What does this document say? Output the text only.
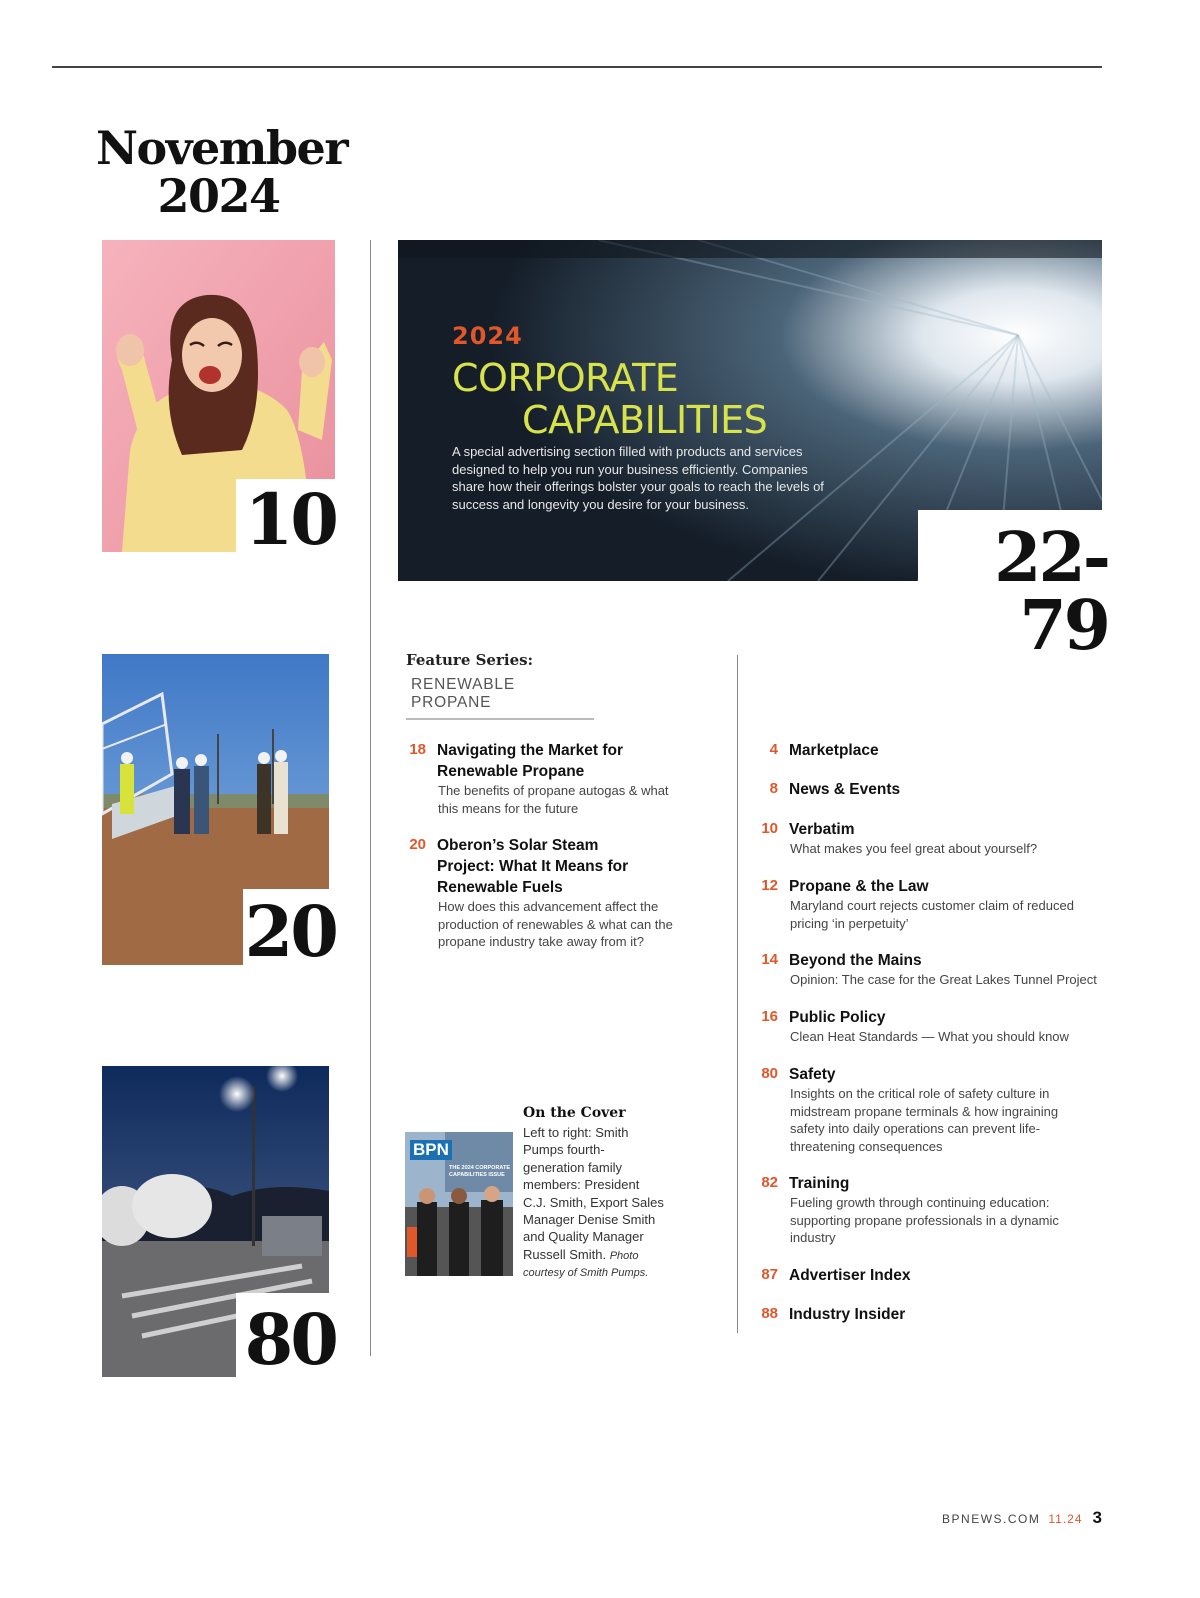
November
2024
10
20
80
2024
CORPORATE
CAPABILITIES
A special advertising section filled with products and services designed to help you run your business efficiently. Companies share how their offerings bolster your goals to reach the levels of success and longevity you desire for your business.
22-79
Feature Series:
RENEWABLE PROPANE
18 Navigating the Market for
Renewable Propane
The benefits of propane autogas & what
this means for the future
20 Oberon’s Solar Steam
Project: What It Means for
Renewable Fuels
How does this advancement affect the
production of renewables & what can the
propane industry take away from it?
4 Marketplace
8 News & Events
10 Verbatim
What makes you feel great about yourself?
12 Propane & the Law
Maryland court rejects customer claim of reduced
pricing ‘in perpetuity’
14 Beyond the Mains
Opinion: The case for the Great Lakes Tunnel Project
16 Public Policy
Clean Heat Standards — What you should know
80 Safety
Insights on the critical role of safety culture in
midstream propane terminals & how ingraining
safety into daily operations can prevent life-
threatening consequences
82 Training
Fueling growth through continuing education:
supporting propane professionals in a dynamic
industry
87 Advertiser Index
88 Industry Insider
BPN
THE 2024 CORPORATE
CAPABILITIES ISSUE
On the Cover
Left to right: Smith
Pumps fourth-
generation family
members: President
C.J. Smith, Export Sales
Manager Denise Smith
and Quality Manager
Russell Smith. Photo
courtesy of Smith Pumps.
BPNEWS.COM 11.24 3
